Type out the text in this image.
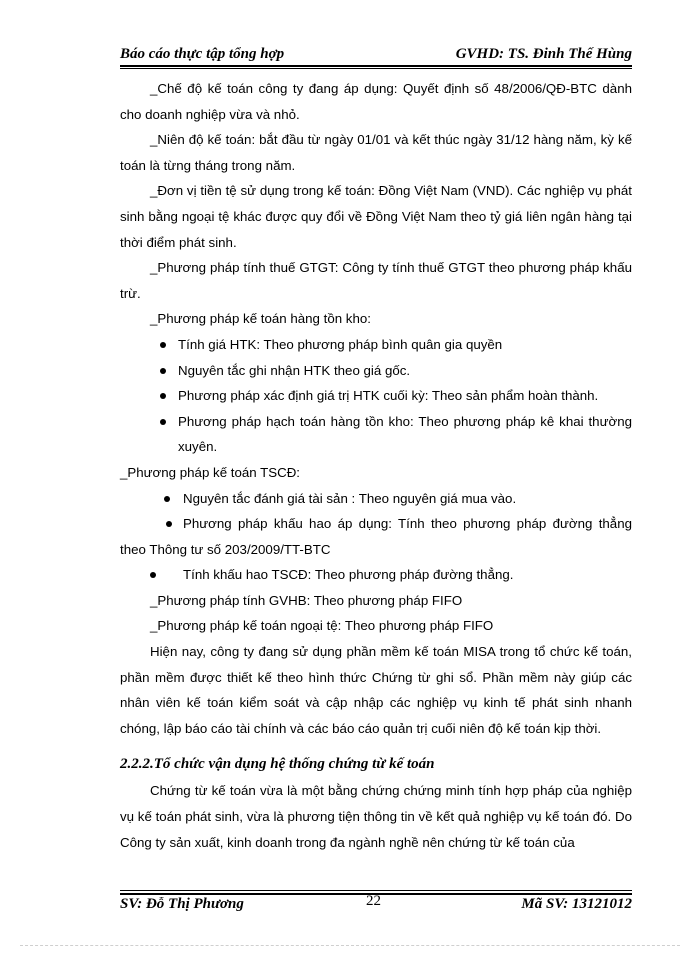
Báo cáo thực tập tổng hợp	GVHD: TS. Đinh Thế Hùng

_Chế độ kế toán công ty đang áp dụng: Quyết định số 48/2006/QĐ-BTC dành cho doanh nghiệp vừa và nhỏ.

_Niên độ kế toán: bắt đầu từ ngày 01/01 và kết thúc ngày 31/12 hàng năm, kỳ kế toán là từng tháng trong năm.

_Đơn vị tiền tệ sử dụng trong kế toán: Đồng Việt Nam (VND). Các nghiệp vụ phát sinh bằng ngoại tệ khác được quy đổi về Đồng Việt Nam theo tỷ giá liên ngân hàng tại thời điểm phát sinh.

_Phương pháp tính thuế GTGT: Công ty tính thuế GTGT theo phương pháp khấu trừ.

_Phương pháp kế toán hàng tồn kho:

Tính giá HTK: Theo phương pháp bình quân gia quyền
Nguyên tắc ghi nhận HTK theo giá gốc.
Phương pháp xác định giá trị HTK cuối kỳ: Theo sản phẩm hoàn thành.
Phương pháp hạch toán hàng tồn kho: Theo phương pháp kê khai thường xuyên.

_Phương pháp kế toán TSCĐ:

Nguyên tắc đánh giá tài sản : Theo nguyên giá mua vào.

Phương pháp khấu hao áp dụng: Tính theo phương pháp đường thẳng theo Thông tư số 203/2009/TT-BTC

Tính khấu hao TSCĐ: Theo phương pháp đường thẳng.

_Phương pháp tính GVHB: Theo phương pháp FIFO

_Phương pháp kế toán ngoại tệ: Theo phương pháp FIFO

Hiện nay, công ty đang sử dụng phần mềm kế toán MISA trong tổ chức kế toán, phần mềm được thiết kế theo hình thức Chứng từ ghi sổ. Phần mềm này giúp các nhân viên kế toán kiểm soát và cập nhập các nghiệp vụ kinh tế phát sinh nhanh chóng, lập báo cáo tài chính và các báo cáo quản trị cuối niên độ kế toán kịp thời.

2.2.2.Tổ chức vận dụng hệ thống chứng từ kế toán

Chứng từ kế toán vừa là một bằng chứng chứng minh tính hợp pháp của nghiệp vụ kế toán phát sinh, vừa là phương tiện thông tin về kết quả nghiệp vụ kế toán đó. Do Công ty sản xuất, kinh doanh trong đa ngành nghề nên chứng từ kế toán của

SV: Đỗ Thị Phương	Mã SV: 13121012
22
